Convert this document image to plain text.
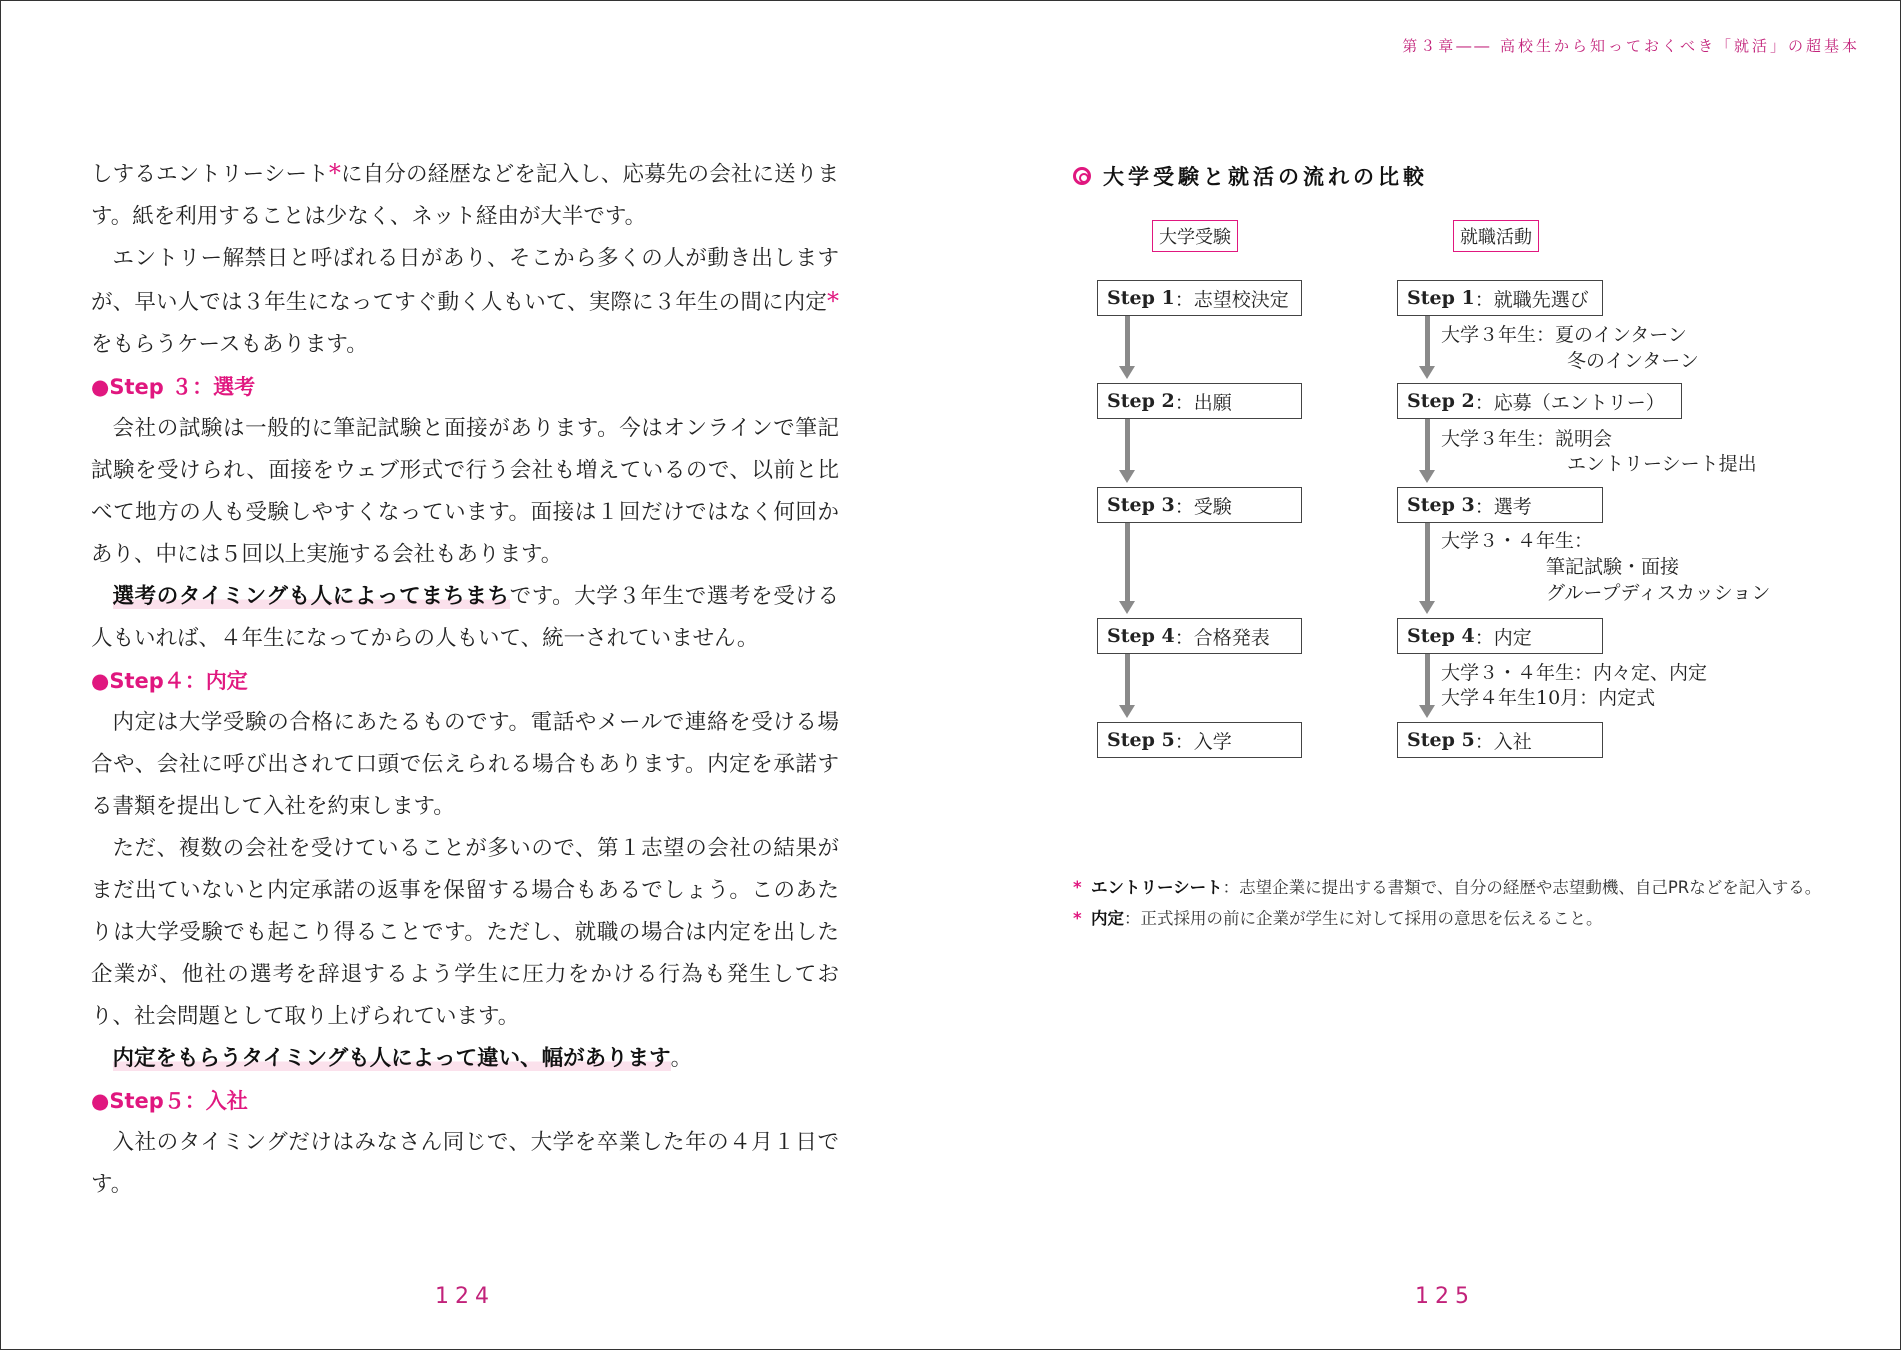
第３章―― 高校生から知っておくべき「就活」の超基本

しするエントリーシート*に自分の経歴などを記入し、応募先の会社に送ります。紙を利用することは少なく、ネット経由が大半です。

エントリー解禁日と呼ばれる日があり、そこから多くの人が動き出しますが、早い人では３年生になってすぐ動く人もいて、実際に３年生の間に内定*をもらうケースもあります。

●Step ３：選考

会社の試験は一般的に筆記試験と面接があります。今はオンラインで筆記試験を受けられ、面接をウェブ形式で行う会社も増えているので、以前と比べて地方の人も受験しやすくなっています。面接は１回だけではなく何回かあり、中には５回以上実施する会社もあります。

選考のタイミングも人によってまちまちです。大学３年生で選考を受ける人もいれば、４年生になってからの人もいて、統一されていません。

●Step４：内定

内定は大学受験の合格にあたるものです。電話やメールで連絡を受ける場合や、会社に呼び出されて口頭で伝えられる場合もあります。内定を承諾する書類を提出して入社を約束します。

ただ、複数の会社を受けていることが多いので、第１志望の会社の結果がまだ出ていないと内定承諾の返事を保留する場合もあるでしょう。このあたりは大学受験でも起こり得ることです。ただし、就職の場合は内定を出した企業が、他社の選考を辞退するよう学生に圧力をかける行為も発生しており、社会問題として取り上げられています。

内定をもらうタイミングも人によって違い、幅があります。

●Step５：入社

入社のタイミングだけはみなさん同じで、大学を卒業した年の４月１日です。

124	125
大学受験と就活の流れの比較
大学受験	就職活動
Step 1 ：志望校決定
Step 2 ：出願
Step 3 ：受験
Step 4 ：合格発表
Step 5 ：入学
Step 1 ：就職先選び
Step 2 ：応募（エントリー）
Step 3 ：選考
Step 4 ：内定
Step 5 ：入社
大学３年生：夏のインターン
冬のインターン
大学３年生：説明会
エントリーシート提出
大学３・４年生：
筆記試験・面接
グループディスカッション
大学３・４年生：内々定、内定
大学４年生10月：内定式
* エントリーシート：志望企業に提出する書類で、自分の経歴や志望動機、自己PRなどを記入する。
* 内定：正式採用の前に企業が学生に対して採用の意思を伝えること。
